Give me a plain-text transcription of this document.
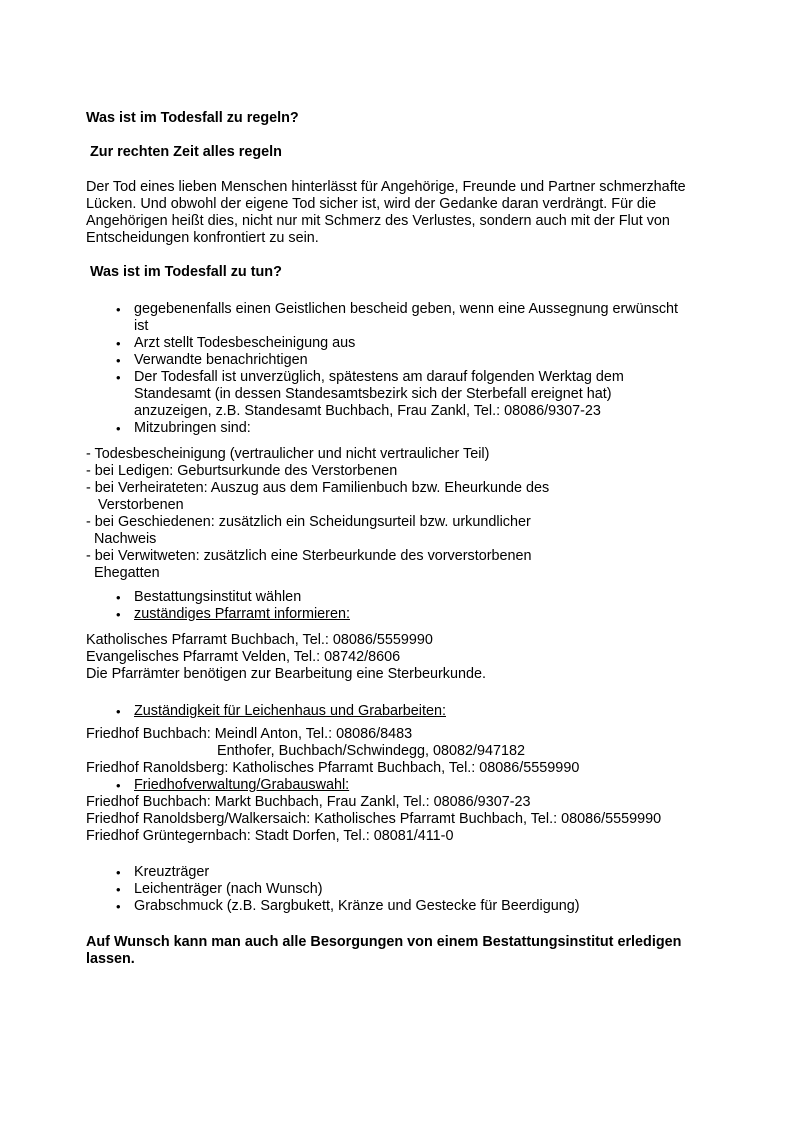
Was ist im Todesfall zu regeln?
Zur rechten Zeit alles regeln
Der Tod eines lieben Menschen hinterlässt für Angehörige, Freunde und Partner schmerzhafte
Lücken. Und obwohl der eigene Tod sicher ist, wird der Gedanke daran verdrängt. Für die
Angehörigen heißt dies, nicht nur mit Schmerz des Verlustes, sondern auch mit der Flut von
Entscheidungen konfrontiert zu sein.
Was ist im Todesfall zu tun?
• gegebenenfalls einen Geistlichen bescheid geben, wenn eine Aussegnung erwünscht
ist
• Arzt stellt Todesbescheinigung aus
• Verwandte benachrichtigen
• Der Todesfall ist unverzüglich, spätestens am darauf folgenden Werktag dem
Standesamt (in dessen Standesamtsbezirk sich der Sterbefall ereignet hat)
anzuzeigen, z.B. Standesamt Buchbach, Frau Zankl, Tel.: 08086/9307-23
• Mitzubringen sind:
- Todesbescheinigung (vertraulicher und nicht vertraulicher Teil)
- bei Ledigen: Geburtsurkunde des Verstorbenen
- bei Verheirateten: Auszug aus dem Familienbuch bzw. Eheurkunde des
Verstorbenen
- bei Geschiedenen: zusätzlich ein Scheidungsurteil bzw. urkundlicher
Nachweis
- bei Verwitweten: zusätzlich eine Sterbeurkunde des vorverstorbenen
Ehegatten
• Bestattungsinstitut wählen
• zuständiges Pfarramt informieren:
Katholisches Pfarramt Buchbach, Tel.: 08086/5559990
Evangelisches Pfarramt Velden, Tel.: 08742/8606
Die Pfarrämter benötigen zur Bearbeitung eine Sterbeurkunde.
• Zuständigkeit für Leichenhaus und Grabarbeiten:
Friedhof Buchbach: Meindl Anton, Tel.: 08086/8483
Enthofer, Buchbach/Schwindegg, 08082/947182
Friedhof Ranoldsberg: Katholisches Pfarramt Buchbach, Tel.: 08086/5559990
• Friedhofverwaltung/Grabauswahl:
Friedhof Buchbach: Markt Buchbach, Frau Zankl, Tel.: 08086/9307-23
Friedhof Ranoldsberg/Walkersaich: Katholisches Pfarramt Buchbach, Tel.: 08086/5559990
Friedhof Grüntegernbach: Stadt Dorfen, Tel.: 08081/411-0
• Kreuzträger
• Leichenträger (nach Wunsch)
• Grabschmuck (z.B. Sargbukett, Kränze und Gestecke für Beerdigung)
Auf Wunsch kann man auch alle Besorgungen von einem Bestattungsinstitut erledigen
lassen.
